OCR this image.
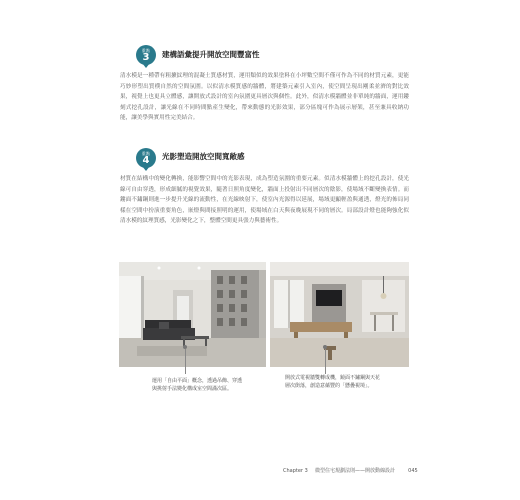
重點
3	建構語彙提升開放空間豐富性
清水模是一種帶有粗擴紋理的混凝土質感材質，運用類似的效果塗料在小坪數空間不僅可作為不同的材質元素，更能巧妙形塑出質樸自然的空間氛圍。以似清水模質感的牆體，將建築元素引入室內，使空間呈現出剛柔並濟的對比效果，視覺上也更具立體感，讓開放式設計的室內氛圍更具層次與個性。此外，似清水模牆體並非單純的牆面，運用鏤刻式挖孔設計，讓光線在不同時間點產生變化，帶來動態的光影效果，部分區塊可作為展示層架，甚至兼具收納功能，讓美學與實用性完美結合。
重點
4	光影塑造開放空間寬敞感
材質在結構中的變化轉換，能影響空間中的光影表現，成為塑造氛圍的重要元素。似清水模牆體上的挖孔設計，使光線可自由穿透，形成細膩的視覺效果，隨著日照角度變化，牆面上投射出不同層次的陰影，使場域不斷變換表情。而鏤面不鏽鋼則進一步提升光線的流動性，在光線映射下，使室內光源得以延展，場域更顯輕盈與通透，燈光的佈局同樣在空間中扮演重要角色，嵌燈與間接照明的運用，使場域在白天與夜晚展現不同的層次。局部設計燈也能夠強化似清水模的紋理質感，光影變化之下，整體空間更具張力與藝術性。
運用「自由平面」概念，透過吊飾、穿透與挑射手法變化構成室空間滿次區。
開放式電視牆雙轉成機，鏡面不鏽鋼與天花層次銜落，創造意蘊豐的「懸疊視境」。
Chapter 3 微型住宅規劃法則——開放動線設計	045
